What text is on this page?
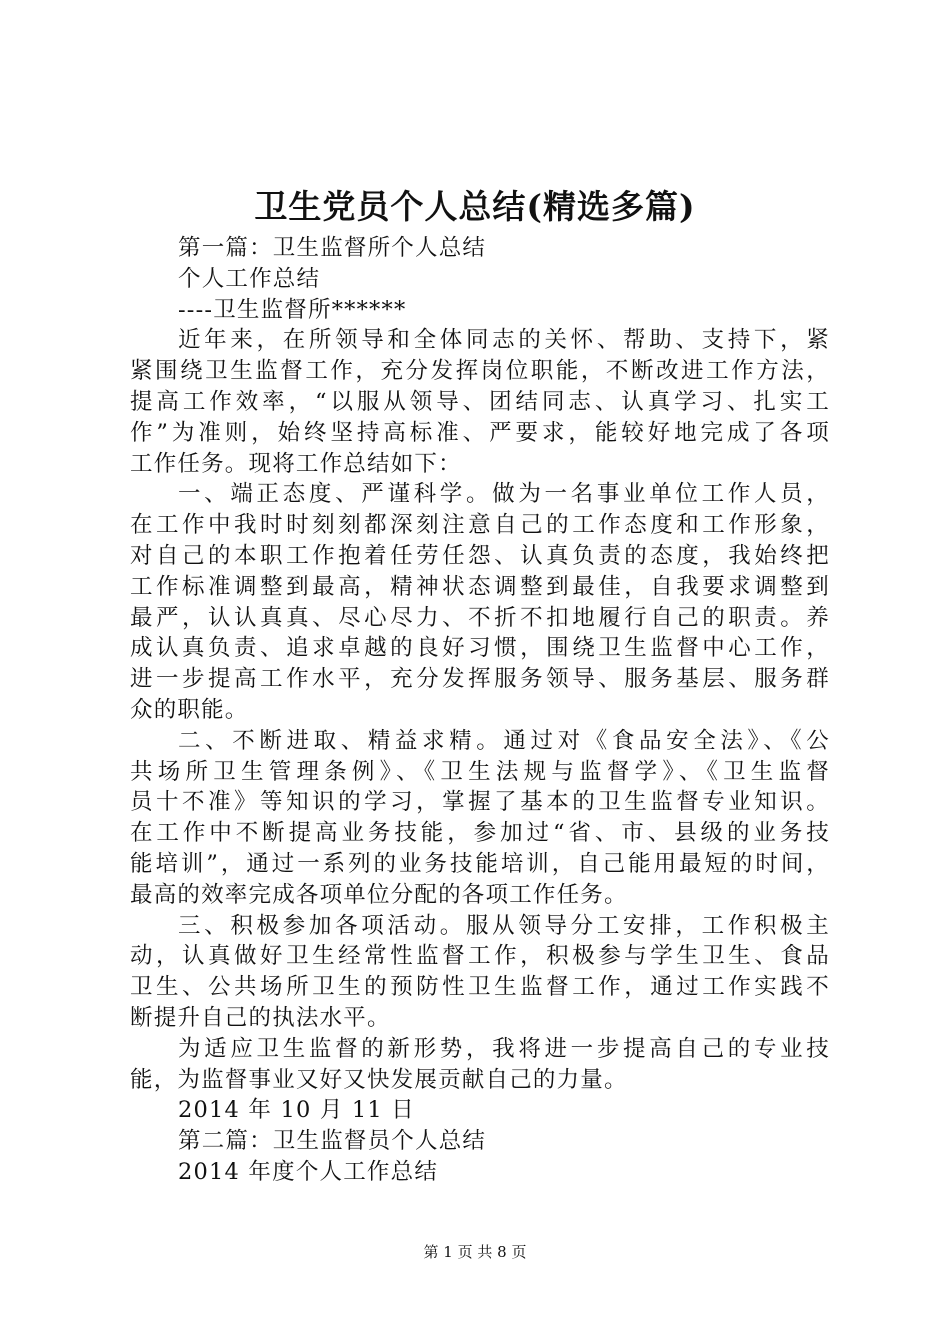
卫生党员个人总结(精选多篇)
第一篇：卫生监督所个人总结
个人工作总结
----卫生监督所******
近年来，在所领导和全体同志的关怀、帮助、支持下，紧
紧围绕卫生监督工作，充分发挥岗位职能，不断改进工作方法，
提高工作效率，“以服从领导、团结同志、认真学习、扎实工
作”为准则，始终坚持高标准、严要求，能较好地完成了各项
工作任务。现将工作总结如下：
一、端正态度、严谨科学。做为一名事业单位工作人员，
在工作中我时时刻刻都深刻注意自己的工作态度和工作形象，
对自己的本职工作抱着任劳任怨、认真负责的态度，我始终把
工作标准调整到最高，精神状态调整到最佳，自我要求调整到
最严，认认真真、尽心尽力、不折不扣地履行自己的职责。养
成认真负责、追求卓越的良好习惯，围绕卫生监督中心工作，
进一步提高工作水平，充分发挥服务领导、服务基层、服务群
众的职能。
二、不断进取、精益求精。通过对《食品安全法》、《公
共场所卫生管理条例》、《卫生法规与监督学》、《卫生监督
员十不准》等知识的学习，掌握了基本的卫生监督专业知识。
在工作中不断提高业务技能，参加过“省、市、县级的业务技
能培训”，通过一系列的业务技能培训，自己能用最短的时间，
最高的效率完成各项单位分配的各项工作任务。
三、积极参加各项活动。服从领导分工安排，工作积极主
动，认真做好卫生经常性监督工作，积极参与学生卫生、食品
卫生、公共场所卫生的预防性卫生监督工作，通过工作实践不
断提升自己的执法水平。
为适应卫生监督的新形势，我将进一步提高自己的专业技
能，为监督事业又好又快发展贡献自己的力量。
2014 年 10 月 11 日
第二篇：卫生监督员个人总结
2014 年度个人工作总结
第 1 页 共 8 页
